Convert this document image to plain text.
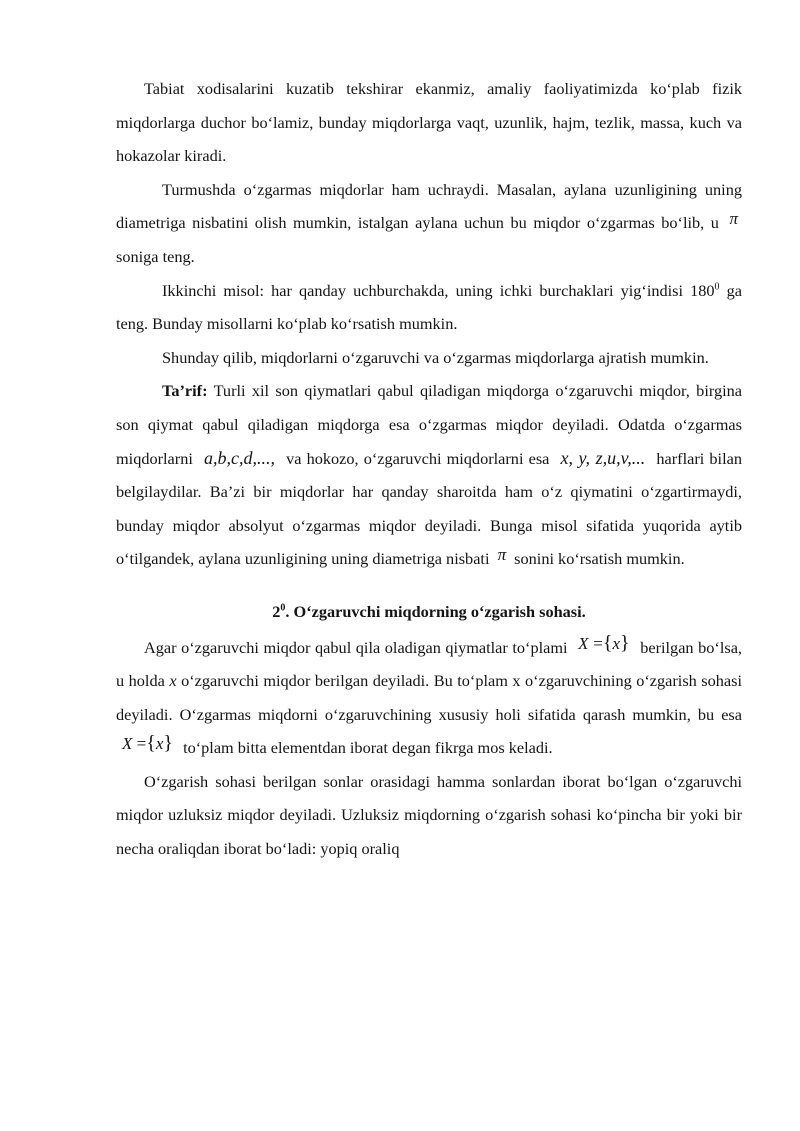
Tabiat xodisalarini kuzatib tekshirar ekanmiz, amaliy faoliyatimizda ko‘plab fizik miqdorlarga duchor bo‘lamiz, bunday miqdorlarga vaqt, uzunlik, hajm, tezlik, massa, kuch va hokazolar kiradi.

Turmushda o‘zgarmas miqdorlar ham uchraydi. Masalan, aylana uzunligining uning diametriga nisbatini olish mumkin, istalgan aylana uchun bu miqdor o‘zgarmas bo‘lib, u π soniga teng.

Ikkinchi misol: har qanday uchburchakda, uning ichki burchaklari yig‘indisi $180^0$ ga teng. Bunday misollarni ko‘plab ko‘rsatish mumkin.

Shunday qilib, miqdorlarni o‘zgaruvchi va o‘zgarmas miqdorlarga ajratish mumkin.

Ta’rif: Turli xil son qiymatlari qabul qiladigan miqdorga o‘zgaruvchi miqdor, birgina son qiymat qabul qiladigan miqdorga esa o‘zgarmas miqdor deyiladi. Odatda o‘zgarmas miqdorlarni a,b,c,d,..., va hokozo, o‘zgaruvchi miqdorlarni esa x, y, z,u,v,... harflari bilan belgilaydilar. Ba’zi bir miqdorlar har qanday sharoitda ham o‘z qiymatini o‘zgartirmaydi, bunday miqdor absolyut o‘zgarmas miqdor deyiladi. Bunga misol sifatida yuqorida aytib o‘tilgandek, aylana uzunligining uning diametriga nisbati π sonini ko‘rsatish mumkin.

$2^0$. O‘zgaruvchi miqdorning o‘zgarish sohasi.

Agar o‘zgaruvchi miqdor qabul qila oladigan qiymatlar to‘plami X ={x} berilgan bo‘lsa, u holda x o‘zgaruvchi miqdor berilgan deyiladi. Bu to‘plam x o‘zgaruvchining o‘zgarish sohasi deyiladi. O‘zgarmas miqdorni o‘zgaruvchining xususiy holi sifatida qarash mumkin, bu esa X ={x} to‘plam bitta elementdan iborat degan fikrga mos keladi.

O‘zgarish sohasi berilgan sonlar orasidagi hamma sonlardan iborat bo‘lgan o‘zgaruvchi miqdor uzluksiz miqdor deyiladi. Uzluksiz miqdorning o‘zgarish sohasi ko‘pincha bir yoki bir necha oraliqdan iborat bo‘ladi: yopiq oraliq
